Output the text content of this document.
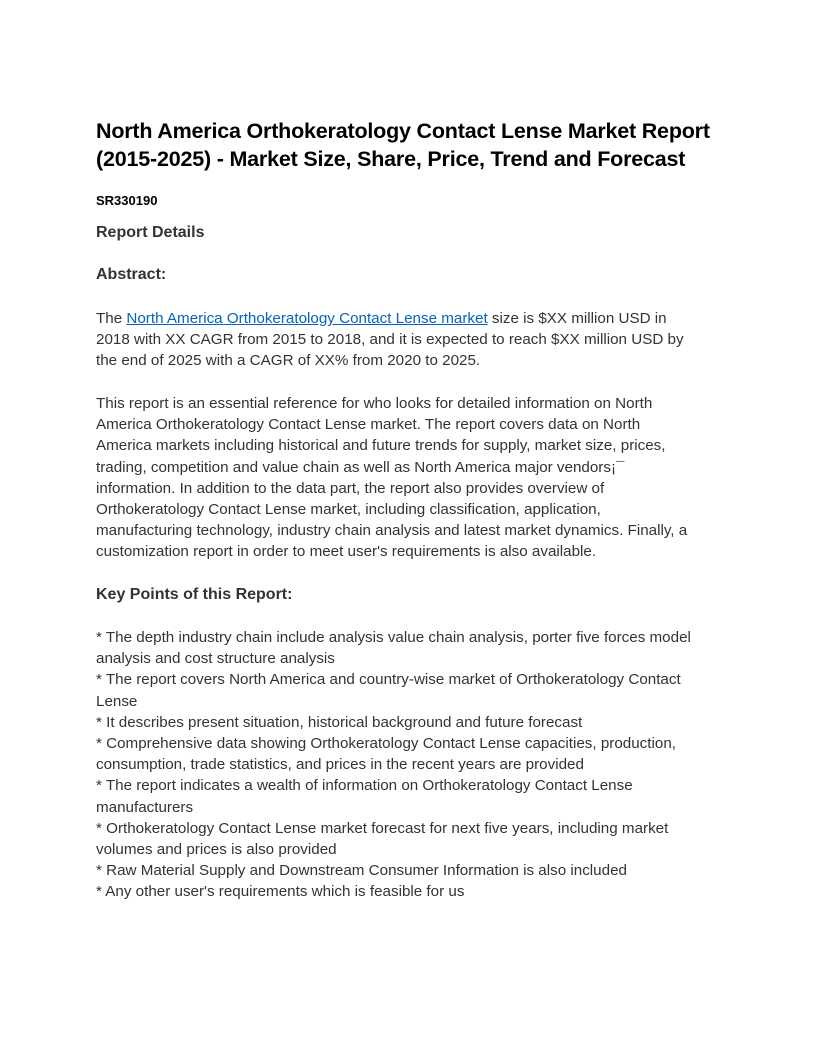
North America Orthokeratology Contact Lense Market Report
(2015-2025) - Market Size, Share, Price, Trend and Forecast
SR330190
Report Details
Abstract:
The North America Orthokeratology Contact Lense market size is $XX million USD in
2018 with XX CAGR from 2015 to 2018, and it is expected to reach $XX million USD by
the end of 2025 with a CAGR of XX% from 2020 to 2025.
This report is an essential reference for who looks for detailed information on North
America Orthokeratology Contact Lense market. The report covers data on North
America markets including historical and future trends for supply, market size, prices,
trading, competition and value chain as well as North America major vendors¡¯
information. In addition to the data part, the report also provides overview of
Orthokeratology Contact Lense market, including classification, application,
manufacturing technology, industry chain analysis and latest market dynamics. Finally, a
customization report in order to meet user's requirements is also available.
Key Points of this Report:
* The depth industry chain include analysis value chain analysis, porter five forces model
analysis and cost structure analysis
* The report covers North America and country-wise market of Orthokeratology Contact
Lense
* It describes present situation, historical background and future forecast
* Comprehensive data showing Orthokeratology Contact Lense capacities, production,
consumption, trade statistics, and prices in the recent years are provided
* The report indicates a wealth of information on Orthokeratology Contact Lense
manufacturers
* Orthokeratology Contact Lense market forecast for next five years, including market
volumes and prices is also provided
* Raw Material Supply and Downstream Consumer Information is also included
* Any other user's requirements which is feasible for us
